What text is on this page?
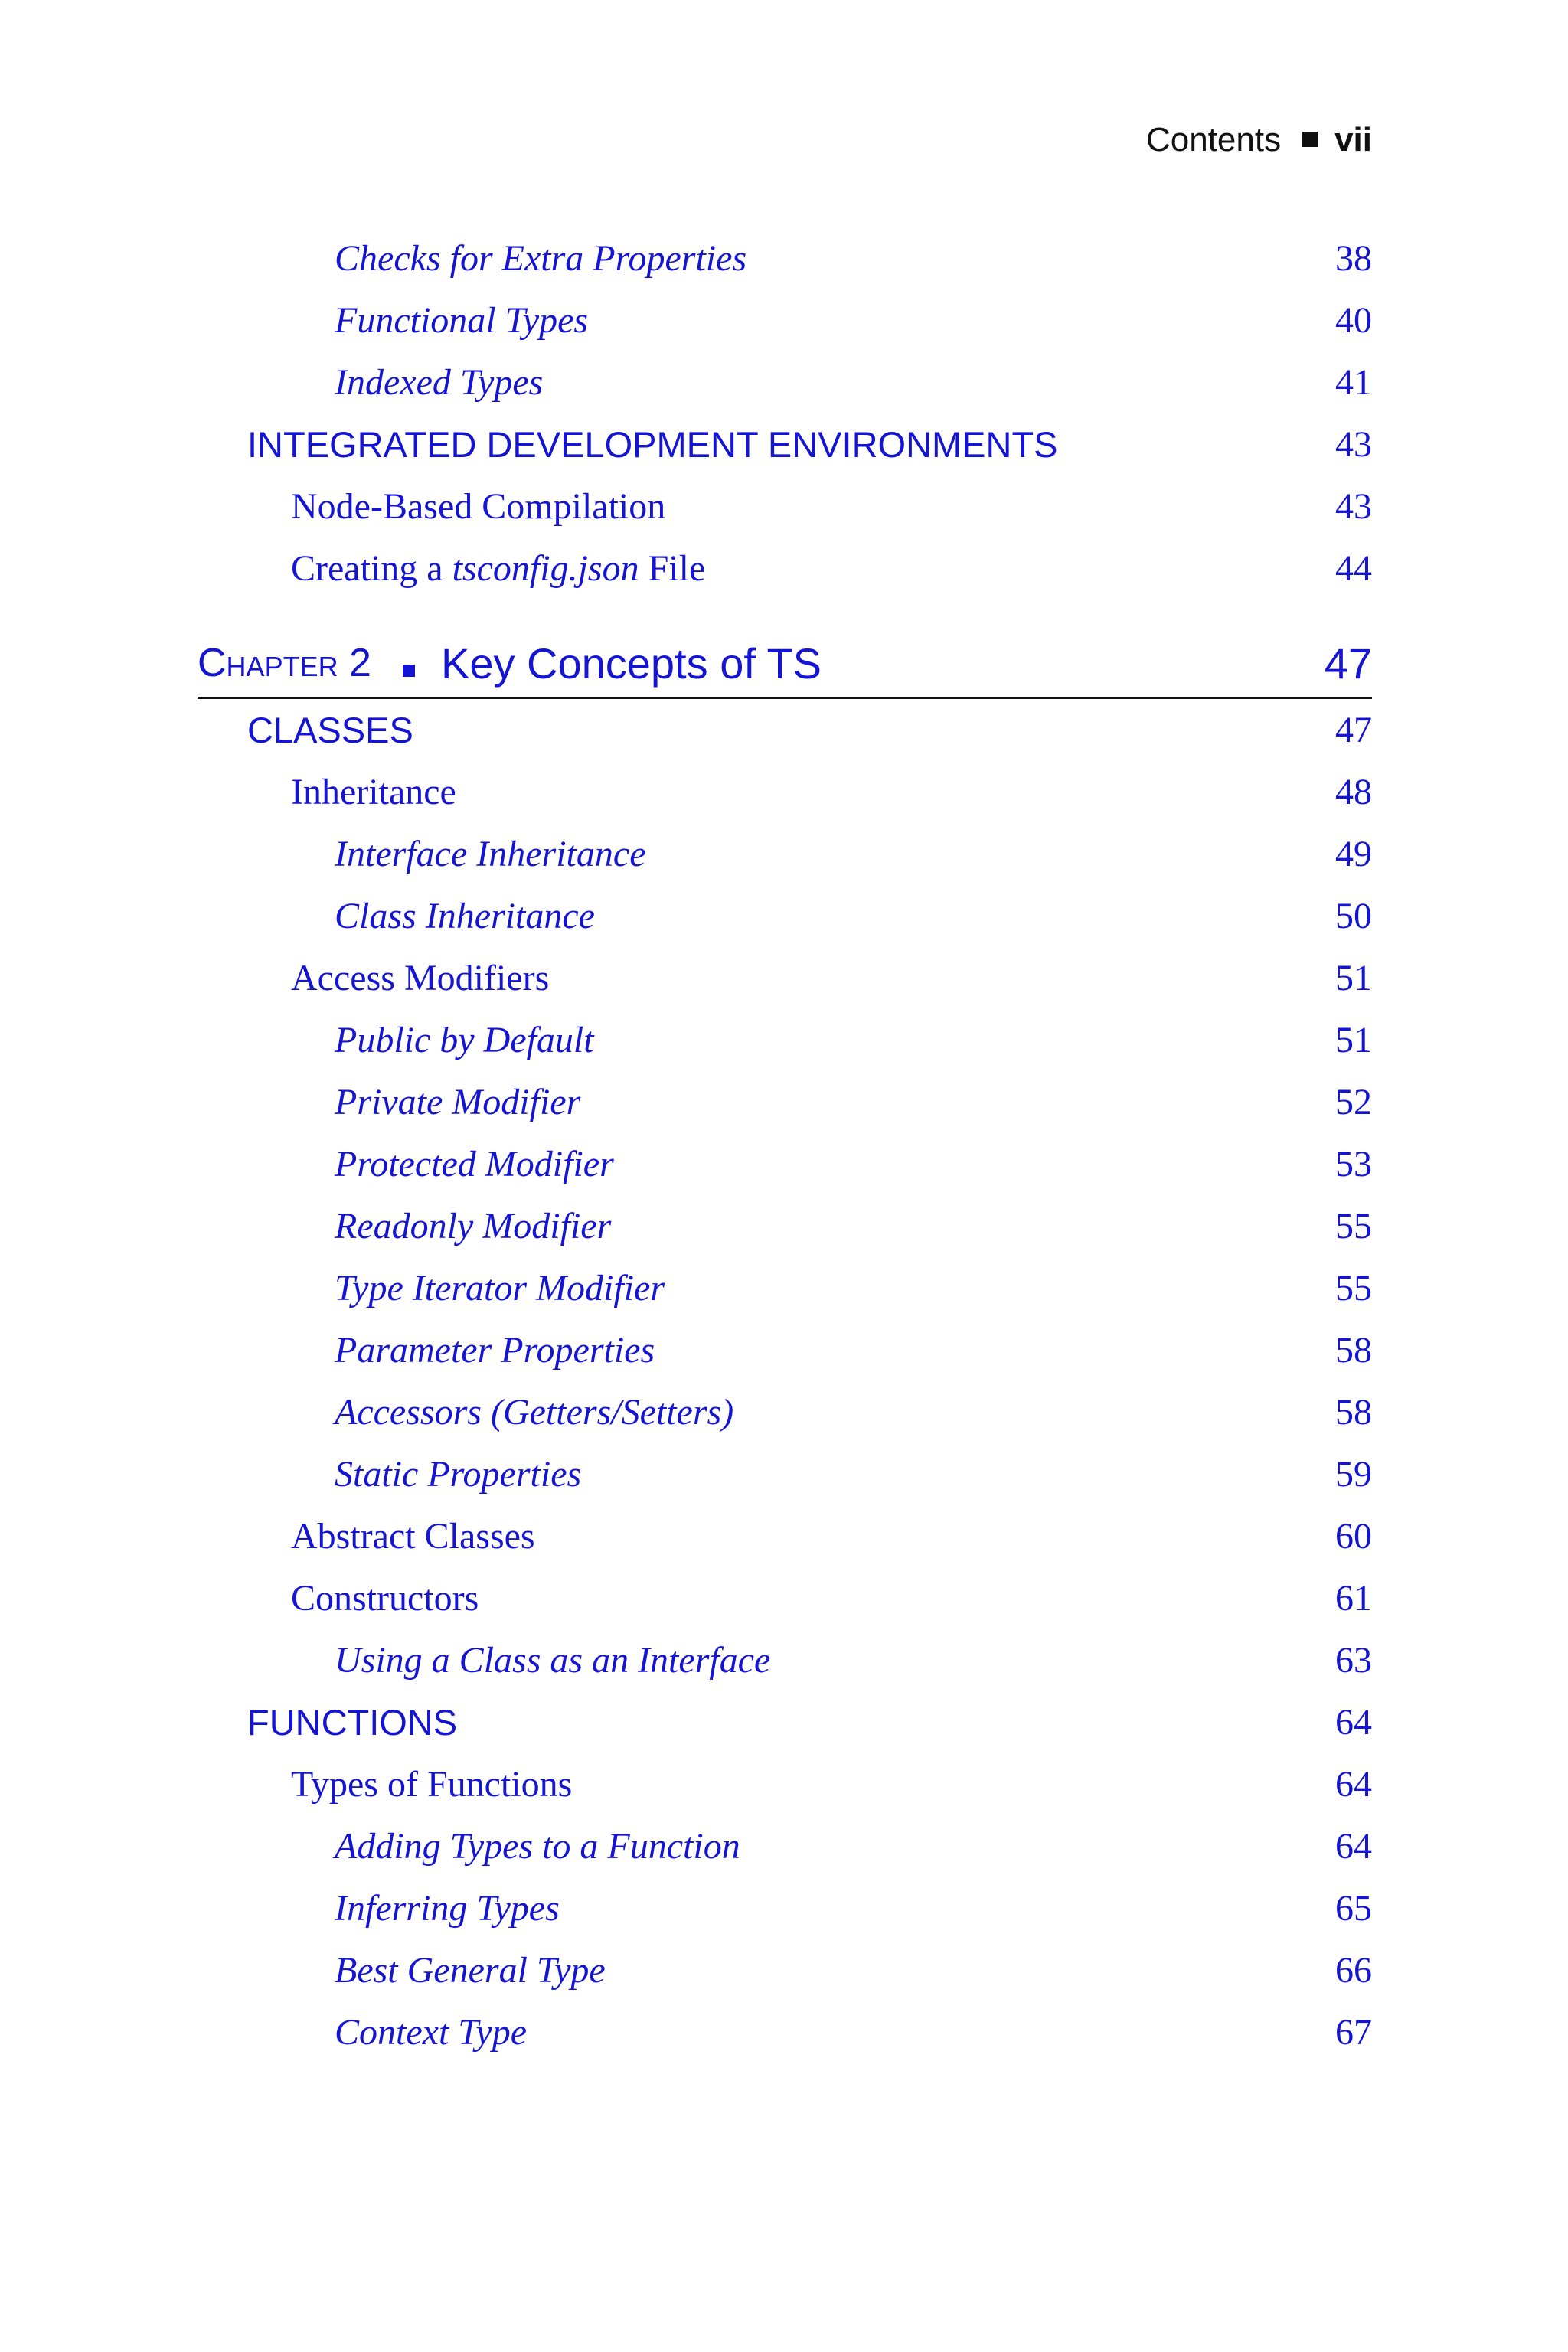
Contents vii
Checks for Extra Properties	38
Functional Types	40
Indexed Types	41
INTEGRATED DEVELOPMENT ENVIRONMENTS	43
Node-Based Compilation	43
Creating a tsconfig.json File	44
Chapter 2 Key Concepts of TS	47
CLASSES	47
Inheritance	48
Interface Inheritance	49
Class Inheritance	50
Access Modifiers	51
Public by Default	51
Private Modifier	52
Protected Modifier	53
Readonly Modifier	55
Type Iterator Modifier	55
Parameter Properties	58
Accessors (Getters/Setters)	58
Static Properties	59
Abstract Classes	60
Constructors	61
Using a Class as an Interface	63
FUNCTIONS	64
Types of Functions	64
Adding Types to a Function	64
Inferring Types	65
Best General Type	66
Context Type	67
